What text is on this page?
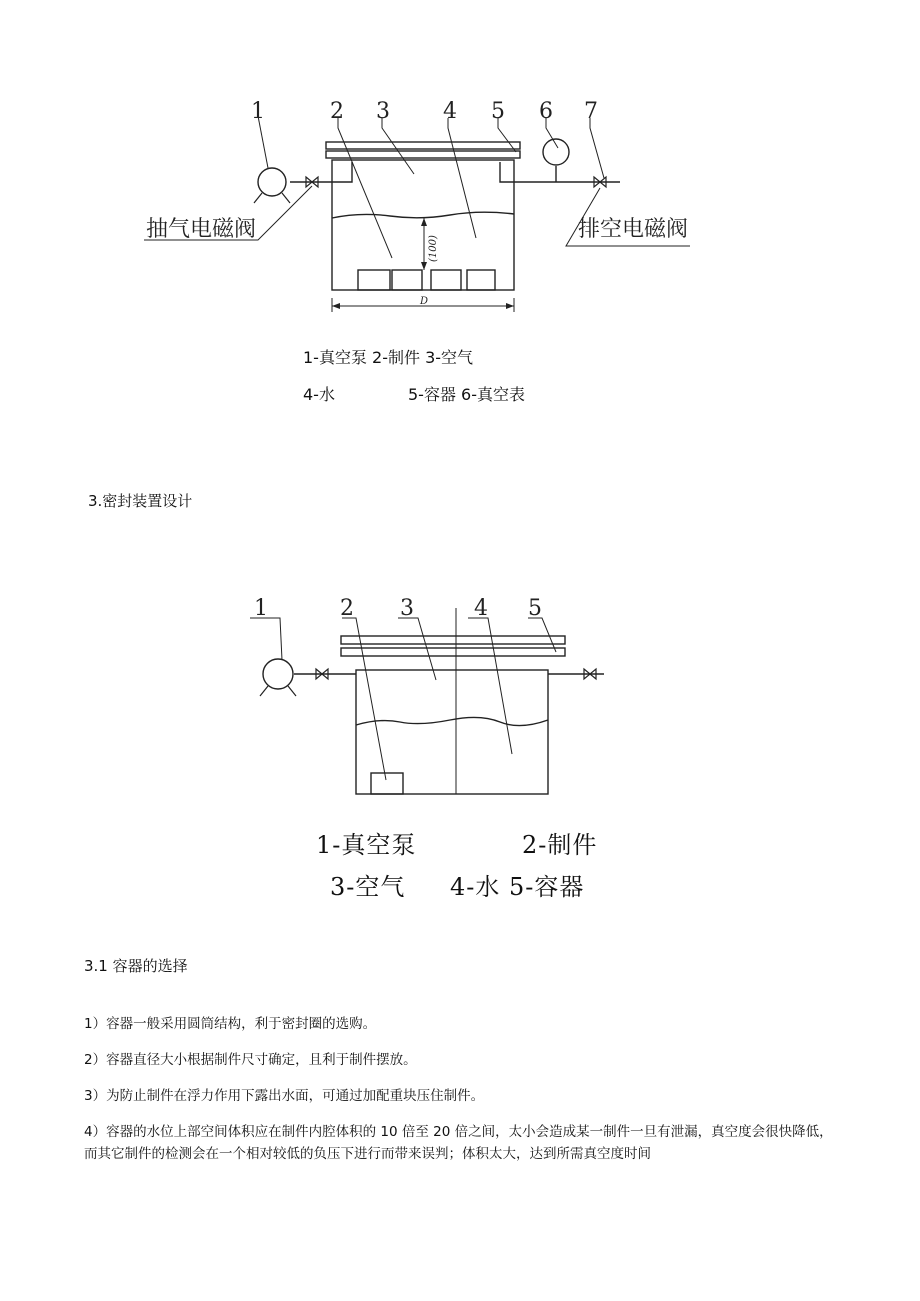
1	2 3 4 5 6 7
抽气电磁阀	排空电磁阀
(100)
D
1-真空泵 2-制件 3-空气
4-水	5-容器 6-真空表
3.密封装置设计
1	2 3	4 5
1-真空泵	2-制件
3-空气 4-水 5-容器
3.1 容器的选择
1）容器一般采用圆筒结构，利于密封圈的选购。
2）容器直径大小根据制件尺寸确定，且利于制件摆放。
3）为防止制件在浮力作用下露出水面，可通过加配重块压住制件。
4）容器的水位上部空间体积应在制件内腔体积的 10 倍至 20 倍之间，太小会造成某一制件一旦有泄漏，真空度会很快降低，而其它制件的检测会在一个相对较低的负压下进行而带来误判；体积太大，达到所需真空度时间
